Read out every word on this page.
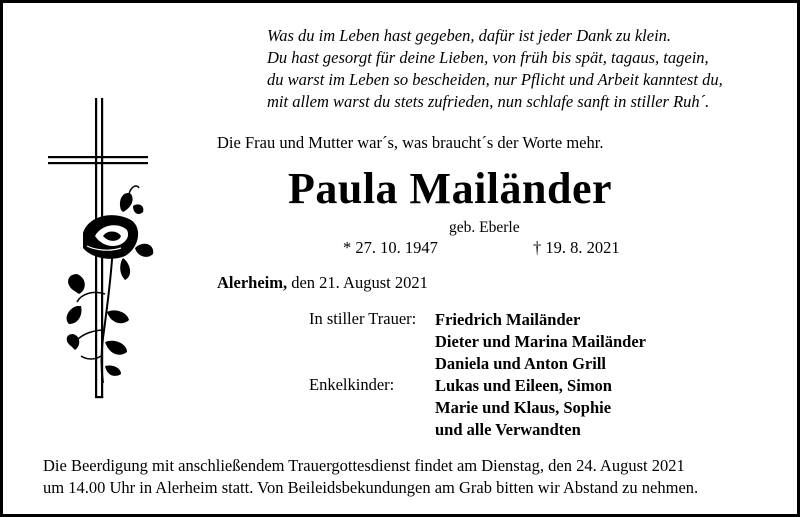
Was du im Leben hast gegeben, dafür ist jeder Dank zu klein.
Du hast gesorgt für deine Lieben, von früh bis spät, tagaus, tagein,
du warst im Leben so bescheiden, nur Pflicht und Arbeit kanntest du,
mit allem warst du stets zufrieden, nun schlafe sanft in stiller Ruh´.
Die Frau und Mutter war´s, was braucht´s der Worte mehr.
Paula Mailänder
geb. Eberle
* 27. 10. 1947	† 19. 8. 2021
Alerheim, den 21. August 2021
In stiller Trauer:
Enkelkinder:
Friedrich Mailänder
Dieter und Marina Mailänder
Daniela und Anton Grill
Lukas und Eileen, Simon
Marie und Klaus, Sophie
und alle Verwandten
Die Beerdigung mit anschließendem Trauergottesdienst findet am Dienstag, den 24. August 2021
um 14.00 Uhr in Alerheim statt. Von Beileidsbekundungen am Grab bitten wir Abstand zu nehmen.
